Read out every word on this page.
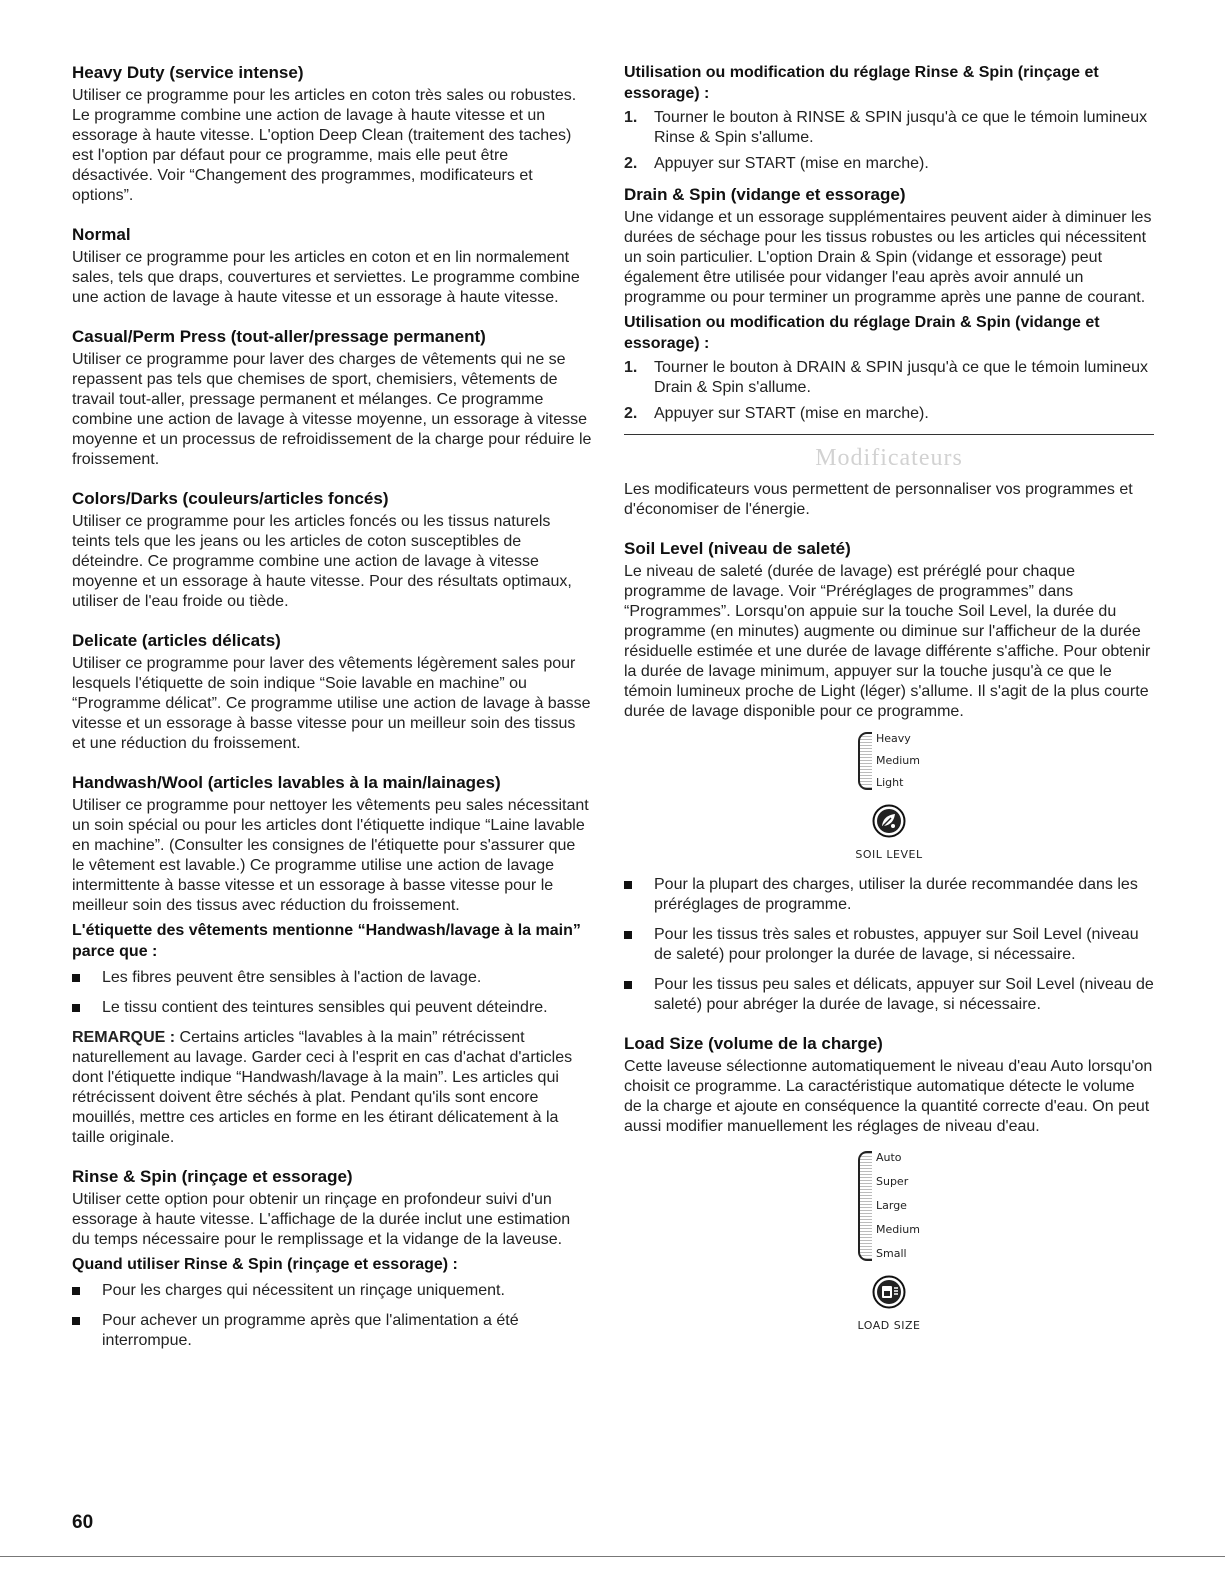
Heavy Duty (service intense)

Utiliser ce programme pour les articles en coton très sales ou robustes. Le programme combine une action de lavage à haute vitesse et un essorage à haute vitesse. L'option Deep Clean (traitement des taches) est l'option par défaut pour ce programme, mais elle peut être désactivée. Voir “Changement des programmes, modificateurs et options”.

Normal

Utiliser ce programme pour les articles en coton et en lin normalement sales, tels que draps, couvertures et serviettes. Le programme combine une action de lavage à haute vitesse et un essorage à haute vitesse.

Casual/Perm Press (tout-aller/pressage permanent)

Utiliser ce programme pour laver des charges de vêtements qui ne se repassent pas tels que chemises de sport, chemisiers, vêtements de travail tout-aller, pressage permanent et mélanges. Ce programme combine une action de lavage à vitesse moyenne, un essorage à vitesse moyenne et un processus de refroidissement de la charge pour réduire le froissement.

Colors/Darks (couleurs/articles foncés)

Utiliser ce programme pour les articles foncés ou les tissus naturels teints tels que les jeans ou les articles de coton susceptibles de déteindre. Ce programme combine une action de lavage à vitesse moyenne et un essorage à haute vitesse. Pour des résultats optimaux, utiliser de l'eau froide ou tiède.

Delicate (articles délicats)

Utiliser ce programme pour laver des vêtements légèrement sales pour lesquels l'étiquette de soin indique “Soie lavable en machine” ou “Programme délicat”. Ce programme utilise une action de lavage à basse vitesse et un essorage à basse vitesse pour un meilleur soin des tissus et une réduction du froissement.

Handwash/Wool (articles lavables à la main/lainages)

Utiliser ce programme pour nettoyer les vêtements peu sales nécessitant un soin spécial ou pour les articles dont l'étiquette indique “Laine lavable en machine”. (Consulter les consignes de l'étiquette pour s'assurer que le vêtement est lavable.) Ce programme utilise une action de lavage intermittente à basse vitesse et un essorage à basse vitesse pour le meilleur soin des tissus avec réduction du froissement.

L'étiquette des vêtements mentionne “Handwash/lavage à la main” parce que :
Les fibres peuvent être sensibles à l'action de lavage.
Le tissu contient des teintures sensibles qui peuvent déteindre.

REMARQUE : Certains articles “lavables à la main” rétrécissent naturellement au lavage. Garder ceci à l'esprit en cas d'achat d'articles dont l'étiquette indique “Handwash/lavage à la main”. Les articles qui rétrécissent doivent être séchés à plat. Pendant qu'ils sont encore mouillés, mettre ces articles en forme en les étirant délicatement à la taille originale.

Rinse & Spin (rinçage et essorage)

Utiliser cette option pour obtenir un rinçage en profondeur suivi d'un essorage à haute vitesse. L'affichage de la durée inclut une estimation du temps nécessaire pour le remplissage et la vidange de la laveuse.

Quand utiliser Rinse & Spin (rinçage et essorage) :
Pour les charges qui nécessitent un rinçage uniquement.
Pour achever un programme après que l'alimentation a été interrompue.
Utilisation ou modification du réglage Rinse & Spin (rinçage et essorage) :
1. Tourner le bouton à RINSE & SPIN jusqu'à ce que le témoin lumineux Rinse & Spin s'allume.
2. Appuyer sur START (mise en marche).
Drain & Spin (vidange et essorage)

Une vidange et un essorage supplémentaires peuvent aider à diminuer les durées de séchage pour les tissus robustes ou les articles qui nécessitent un soin particulier. L'option Drain & Spin (vidange et essorage) peut également être utilisée pour vidanger l'eau après avoir annulé un programme ou pour terminer un programme après une panne de courant.

Utilisation ou modification du réglage Drain & Spin (vidange et essorage) :
1. Tourner le bouton à DRAIN & SPIN jusqu'à ce que le témoin lumineux Drain & Spin s'allume.
2. Appuyer sur START (mise en marche).
Modificateurs

Les modificateurs vous permettent de personnaliser vos programmes et d'économiser de l'énergie.

Soil Level (niveau de saleté)

Le niveau de saleté (durée de lavage) est préréglé pour chaque programme de lavage. Voir “Préréglages de programmes” dans “Programmes”. Lorsqu'on appuie sur la touche Soil Level, la durée du programme (en minutes) augmente ou diminue sur l'afficheur de la durée résiduelle estimée et une durée de lavage différente s'affiche. Pour obtenir la durée de lavage minimum, appuyer sur la touche jusqu'à ce que le témoin lumineux proche de Light (léger) s'allume. Il s'agit de la plus courte durée de lavage disponible pour ce programme.

Heavy
Medium
Light
SOIL LEVEL
Pour la plupart des charges, utiliser la durée recommandée dans les préréglages de programme.
Pour les tissus très sales et robustes, appuyer sur Soil Level (niveau de saleté) pour prolonger la durée de lavage, si nécessaire.
Pour les tissus peu sales et délicats, appuyer sur Soil Level (niveau de saleté) pour abréger la durée de lavage, si nécessaire.
Load Size (volume de la charge)

Cette laveuse sélectionne automatiquement le niveau d'eau Auto lorsqu'on choisit ce programme. La caractéristique automatique détecte le volume de la charge et ajoute en conséquence la quantité correcte d'eau. On peut aussi modifier manuellement les réglages de niveau d'eau.

Auto
Super
Large
Medium
Small
LOAD SIZE
60
